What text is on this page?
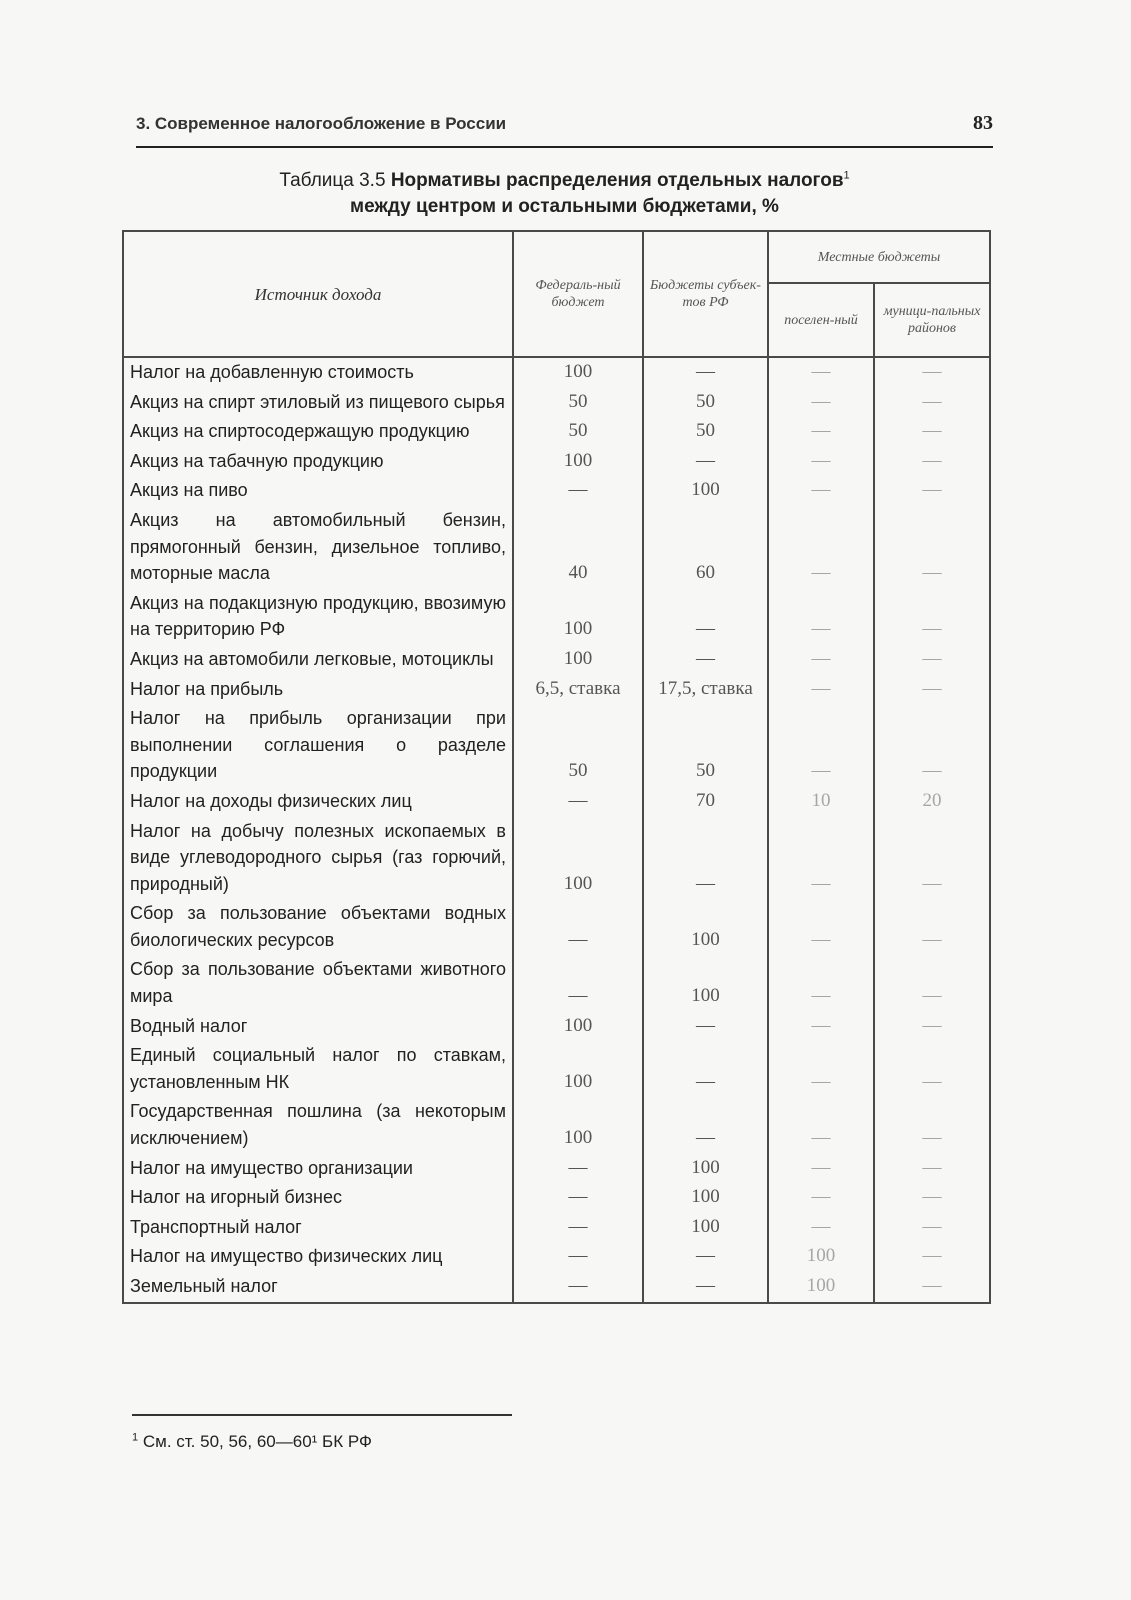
3. Современное налогообложение в России	83
Таблица 3.5 Нормативы распределения отдельных налогов$^1$
между центром и остальными бюджетами, %
Источник дохода	Федераль-ный бюджет	Бюджеты субъек-тов РФ	Местные бюджеты	
			поселен-ный	муници-пальных районов
Налог на добавленную стоимость	100	—	—	—
Акциз на спирт этиловый из пищевого сырья	50	50	—	—
Акциз на спиртосодержащую продукцию	50	50	—	—
Акциз на табачную продукцию	100	—	—	—
Акциз на пиво	—	100	—	—
Акциз на автомобильный бензин, прямогонный бензин, дизельное топливо, моторные масла	40	60	—	—
Акциз на подакцизную продукцию, ввозимую на территорию РФ	100	—	—	—
Акциз на автомобили легковые, мотоциклы	100	—	—	—
Налог на прибыль	6,5, ставка	17,5, ставка	—	—
Налог на прибыль организации при выполнении соглашения о разделе продукции	50	50	—	—
Налог на доходы физических лиц	—	70	10	20
Налог на добычу полезных ископаемых в виде углеводородного сырья (газ горючий, природный)	100	—	—	—
Сбор за пользование объектами водных биологических ресурсов	—	100	—	—
Сбор за пользование объектами животного мира	—	100	—	—
Водный налог	100	—	—	—
Единый социальный налог по ставкам, установленным НК	100	—	—	—
Государственная пошлина (за некоторым исключением)	100	—	—	—
Налог на имущество организации	—	100	—	—
Налог на игорный бизнес	—	100	—	—
Транспортный налог	—	100	—	—
Налог на имущество физических лиц	—	—	100	—
Земельный налог	—	—	100	—
$^1$ См. ст. 50, 56, 60—60¹ БК РФ
